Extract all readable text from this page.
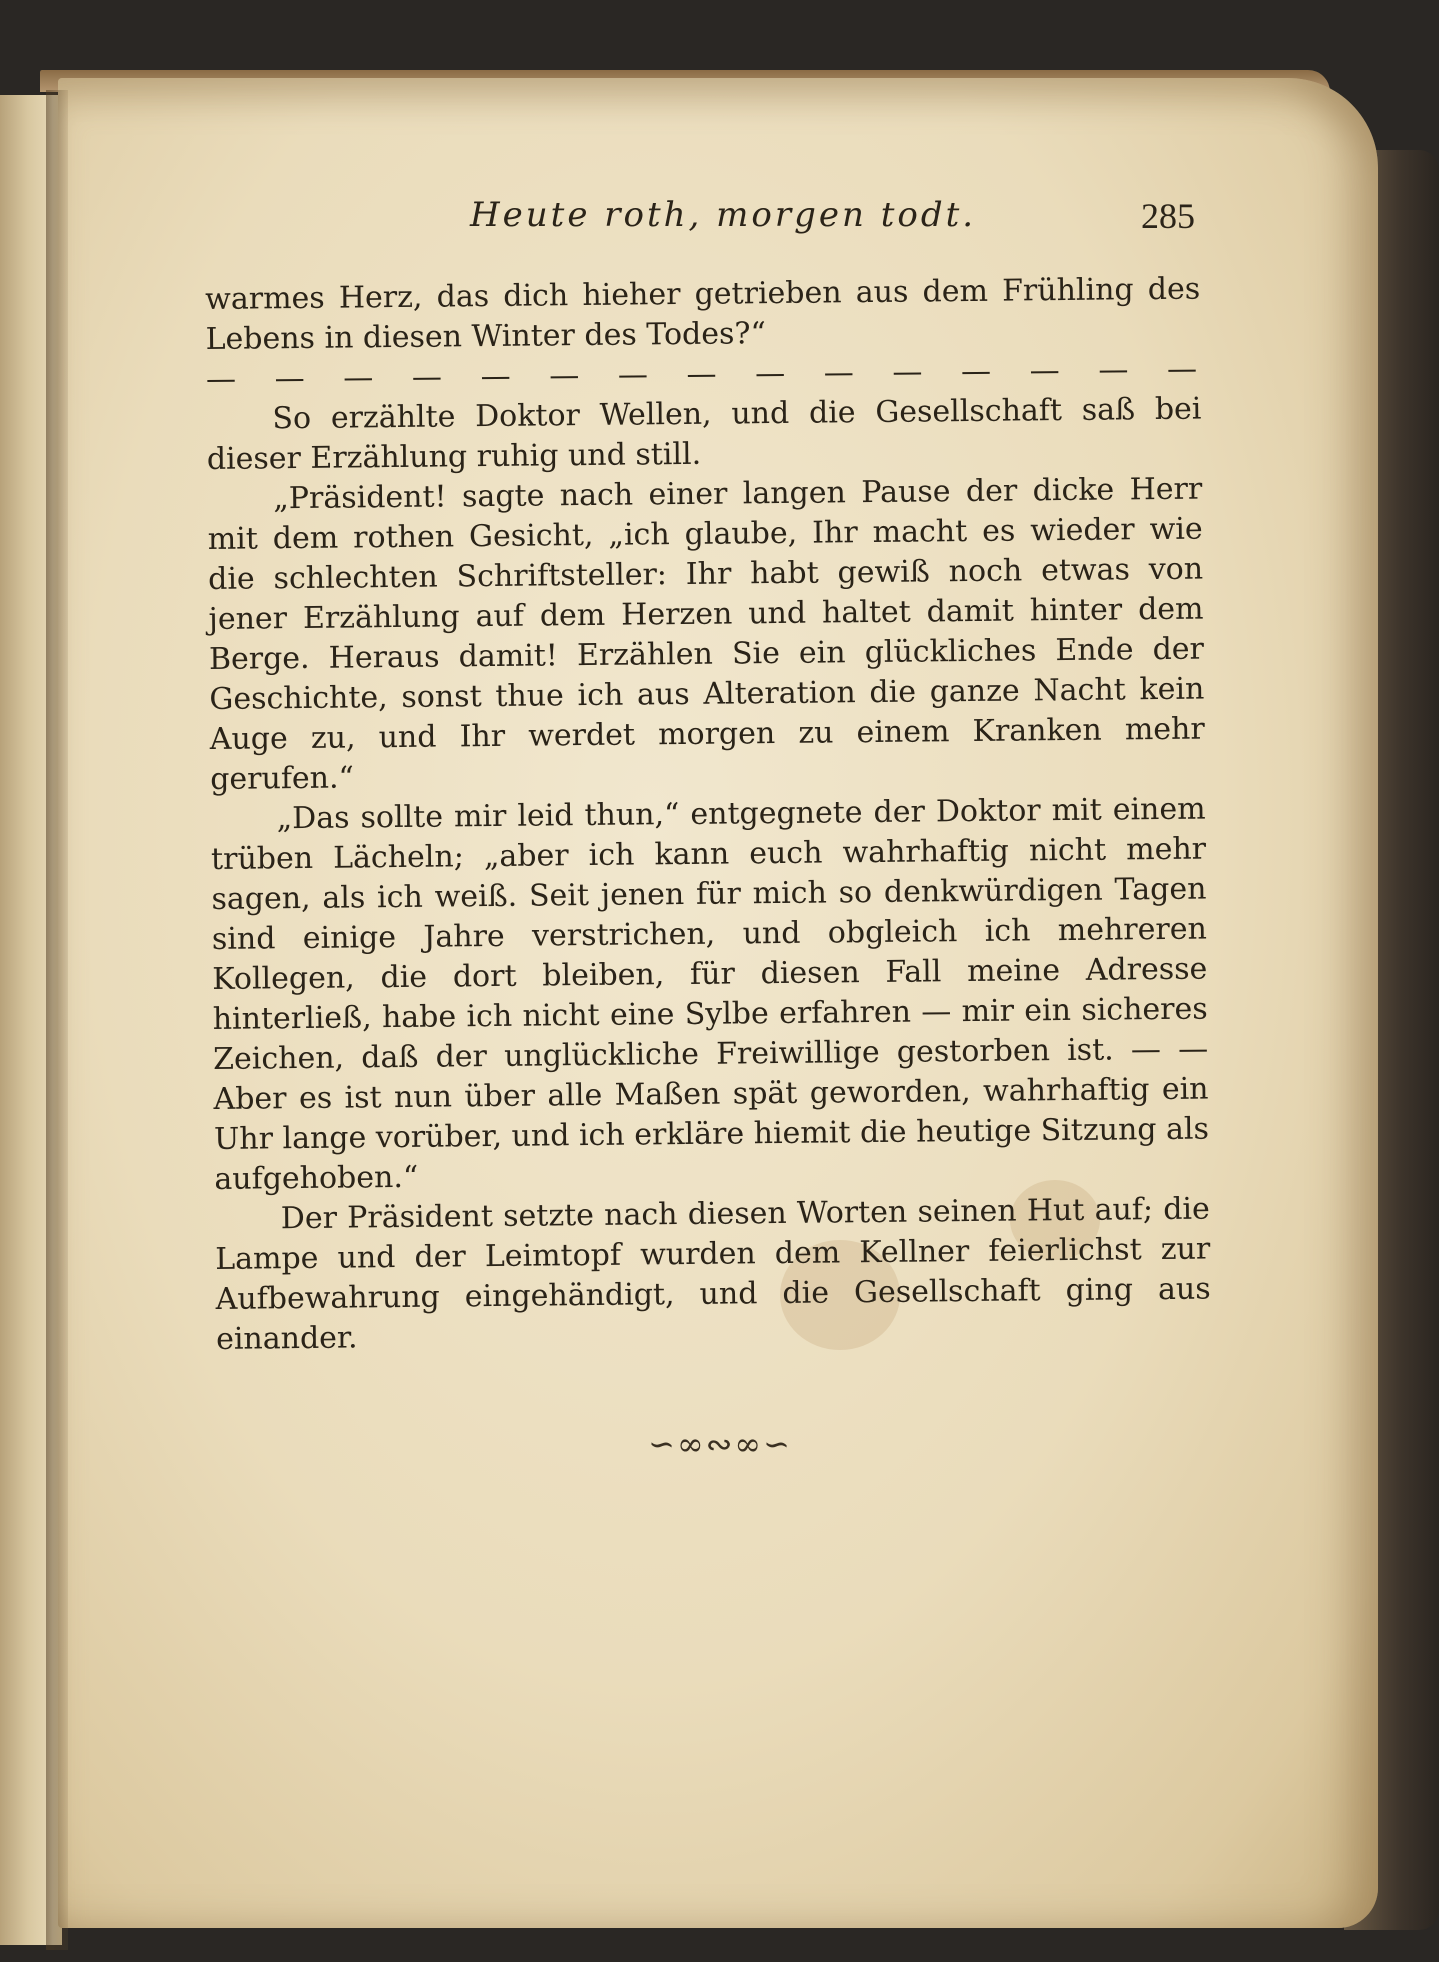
Heute roth, morgen todt.	285

warmes Herz, das dich hieher getrieben aus dem Frühling des Lebens in diesen Winter des Todes?“

— — — — — — — — — — — — — — —

So erzählte Doktor Wellen, und die Gesellschaft saß bei dieser Erzählung ruhig und still.

„Präsident! sagte nach einer langen Pause der dicke Herr mit dem rothen Gesicht, „ich glaube, Ihr macht es wieder wie die schlechten Schriftsteller: Ihr habt gewiß noch etwas von jener Erzählung auf dem Herzen und haltet damit hinter dem Berge. Heraus damit! Erzählen Sie ein glückliches Ende der Geschichte, sonst thue ich aus Alteration die ganze Nacht kein Auge zu, und Ihr werdet morgen zu einem Kranken mehr gerufen.“

„Das sollte mir leid thun,“ entgegnete der Doktor mit einem trüben Lächeln; „aber ich kann euch wahrhaftig nicht mehr sagen, als ich weiß. Seit jenen für mich so denkwürdigen Tagen sind einige Jahre verstrichen, und obgleich ich mehreren Kollegen, die dort bleiben, für diesen Fall meine Adresse hinterließ, habe ich nicht eine Sylbe erfahren — mir ein sicheres Zeichen, daß der unglückliche Freiwillige gestorben ist. — — Aber es ist nun über alle Maßen spät geworden, wahrhaftig ein Uhr lange vorüber, und ich erkläre hiemit die heutige Sitzung als aufgehoben.“

Der Präsident setzte nach diesen Worten seinen Hut auf; die Lampe und der Leimtopf wurden dem Kellner feierlichst zur Aufbewahrung eingehändigt, und die Gesellschaft ging aus einander.

∽∞∾∞∽
